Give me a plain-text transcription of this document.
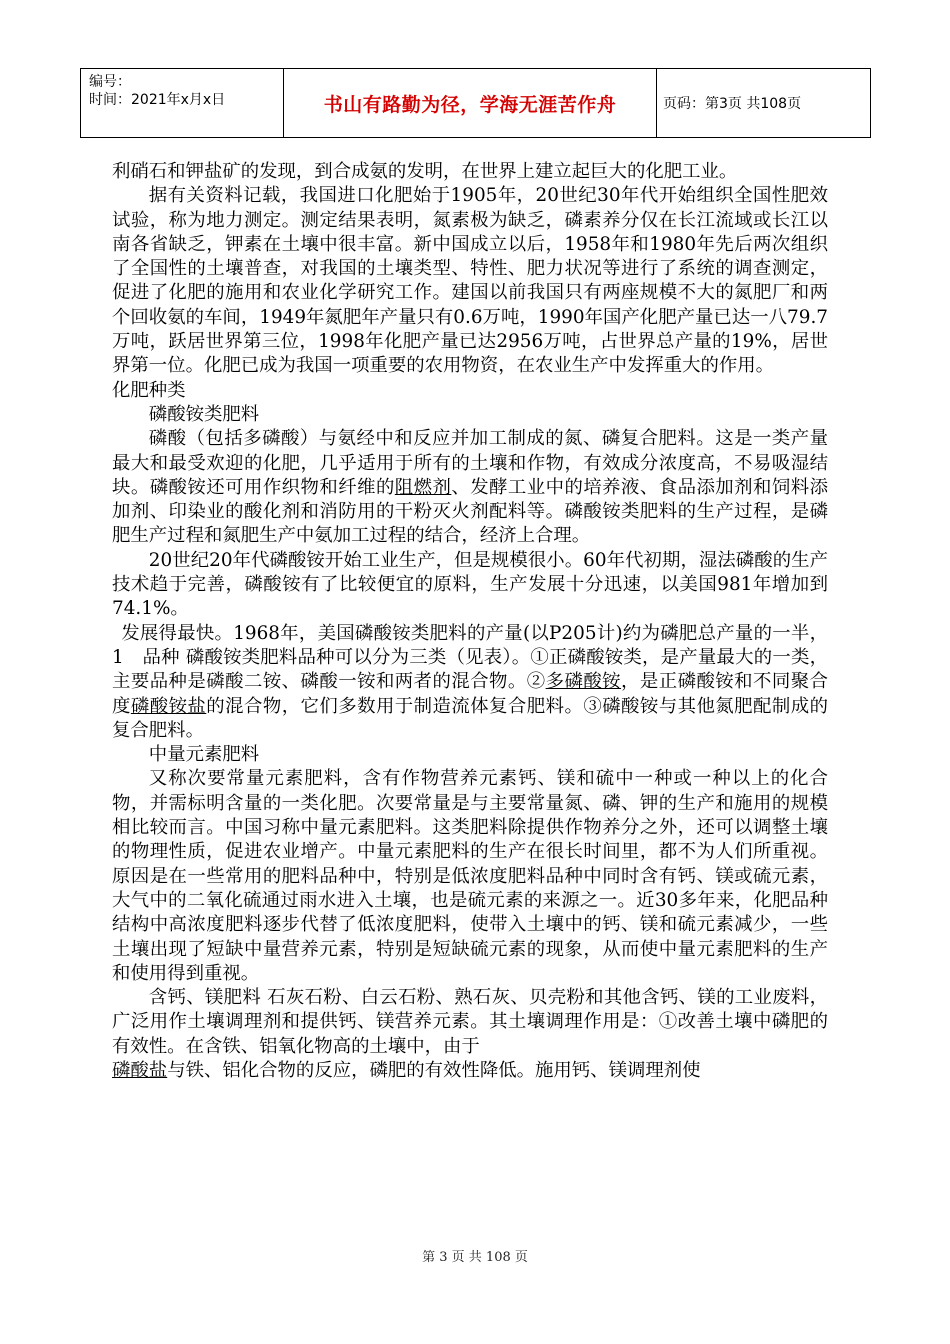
编号：
时间：2021年x月x日	书山有路勤为径，学海无涯苦作舟	页码：第3页 共108页

利硝石和钾盐矿的发现，到合成氨的发明，在世界上建立起巨大的化肥工业。

据有关资料记载，我国进口化肥始于1905年，20世纪30年代开始组织全国性肥效试验，称为地力测定。测定结果表明，氮素极为缺乏，磷素养分仅在长江流域或长江以南各省缺乏，钾素在土壤中很丰富。新中国成立以后，1958年和1980年先后两次组织了全国性的土壤普查，对我国的土壤类型、特性、肥力状况等进行了系统的调查测定，促进了化肥的施用和农业化学研究工作。建国以前我国只有两座规模不大的氮肥厂和两个回收氨的车间，1949年氮肥年产量只有0.6万吨，1990年国产化肥产量已达一八79.7万吨，跃居世界第三位，1998年化肥产量已达2956万吨，占世界总产量的19%，居世界第一位。化肥已成为我国一项重要的农用物资，在农业生产中发挥重大的作用。

化肥种类

磷酸铵类肥料

磷酸（包括多磷酸）与氨经中和反应并加工制成的氮、磷复合肥料。这是一类产量最大和最受欢迎的化肥，几乎适用于所有的土壤和作物，有效成分浓度高，不易吸湿结块。磷酸铵还可用作织物和纤维的阻燃剂、发酵工业中的培养液、食品添加剂和饲料添加剂、印染业的酸化剂和消防用的干粉灭火剂配料等。磷酸铵类肥料的生产过程，是磷肥生产过程和氮肥生产中氨加工过程的结合，经济上合理。

20世纪20年代磷酸铵开始工业生产，但是规模很小。60年代初期，湿法磷酸的生产技术趋于完善，磷酸铵有了比较便宜的原料，生产发展十分迅速，以美国981年增加到74.1%。

发展得最快。1968年，美国磷酸铵类肥料的产量(以P205计)约为磷肥总产量的一半，1　品种 磷酸铵类肥料品种可以分为三类（见表）。①正磷酸铵类，是产量最大的一类，主要品种是磷酸二铵、磷酸一铵和两者的混合物。②多磷酸铵，是正磷酸铵和不同聚合度磷酸铵盐的混合物，它们多数用于制造流体复合肥料。③磷酸铵与其他氮肥配制成的复合肥料。

中量元素肥料

又称次要常量元素肥料，含有作物营养元素钙、镁和硫中一种或一种以上的化合物，并需标明含量的一类化肥。次要常量是与主要常量氮、磷、钾的生产和施用的规模相比较而言。中国习称中量元素肥料。这类肥料除提供作物养分之外，还可以调整土壤的物理性质，促进农业增产。中量元素肥料的生产在很长时间里，都不为人们所重视。原因是在一些常用的肥料品种中，特别是低浓度肥料品种中同时含有钙、镁或硫元素，大气中的二氧化硫通过雨水进入土壤，也是硫元素的来源之一。近30多年来，化肥品种结构中高浓度肥料逐步代替了低浓度肥料，使带入土壤中的钙、镁和硫元素减少，一些土壤出现了短缺中量营养元素，特别是短缺硫元素的现象，从而使中量元素肥料的生产和使用得到重视。

含钙、镁肥料 石灰石粉、白云石粉、熟石灰、贝壳粉和其他含钙、镁的工业废料，广泛用作土壤调理剂和提供钙、镁营养元素。其土壤调理作用是：①改善土壤中磷肥的有效性。在含铁、铝氧化物高的土壤中，由于

磷酸盐与铁、铝化合物的反应，磷肥的有效性降低。施用钙、镁调理剂使

第 3 页 共 108 页
